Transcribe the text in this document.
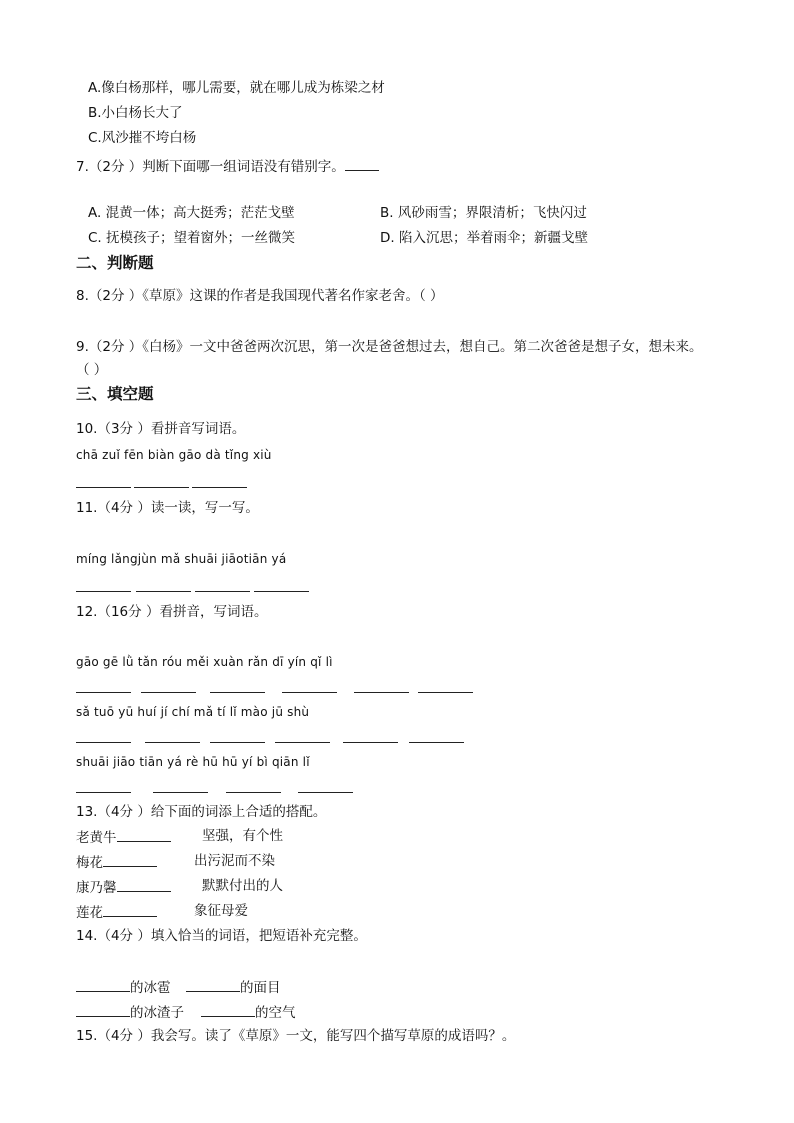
A.像白杨那样，哪儿需要，就在哪儿成为栋梁之材
B.小白杨长大了
C.风沙摧不垮白杨
7.（2分 ）判断下面哪一组词语没有错别字。
A. 混黄一体；高大挺秀；茫茫戈壁	B. 风砂雨雪；界限清析；飞快闪过
C. 抚模孩子；望着窗外；一丝微笑	D. 陷入沉思；举着雨伞；新疆戈壁
二、判断题
8.（2分 ）《草原》这课的作者是我国现代著名作家老舍。（ ）
9.（2分 ）《白杨》一文中爸爸两次沉思，第一次是爸爸想过去，想自己。第二次爸爸是想子女，想未来。
（ ）
三、填空题
10.（3分 ）看拼音写词语。
chā zuǐ fēn biàn gāo dà tǐng xiù
11.（4分 ）读一读，写一写。
míng lǎngjùn mǎ shuāi jiāotiān yá
12.（16分 ）看拼音，写词语。
gāo gē lǜ tǎn róu měi xuàn rǎn dī yín qǐ lì
sǎ tuō yū huí jí chí mǎ tí lǐ mào jū shù
shuāi jiāo tiān yá rè hū hū yí bì qiān lǐ
13.（4分 ）给下面的词添上合适的搭配。
老黄牛	坚强，有个性
梅花	出污泥而不染
康乃馨	默默付出的人
莲花	象征母爱
14.（4分 ）填入恰当的词语，把短语补充完整。
的冰雹	的面目
的冰渣子	的空气
15.（4分 ）我会写。读了《草原》一文，能写四个描写草原的成语吗？。
